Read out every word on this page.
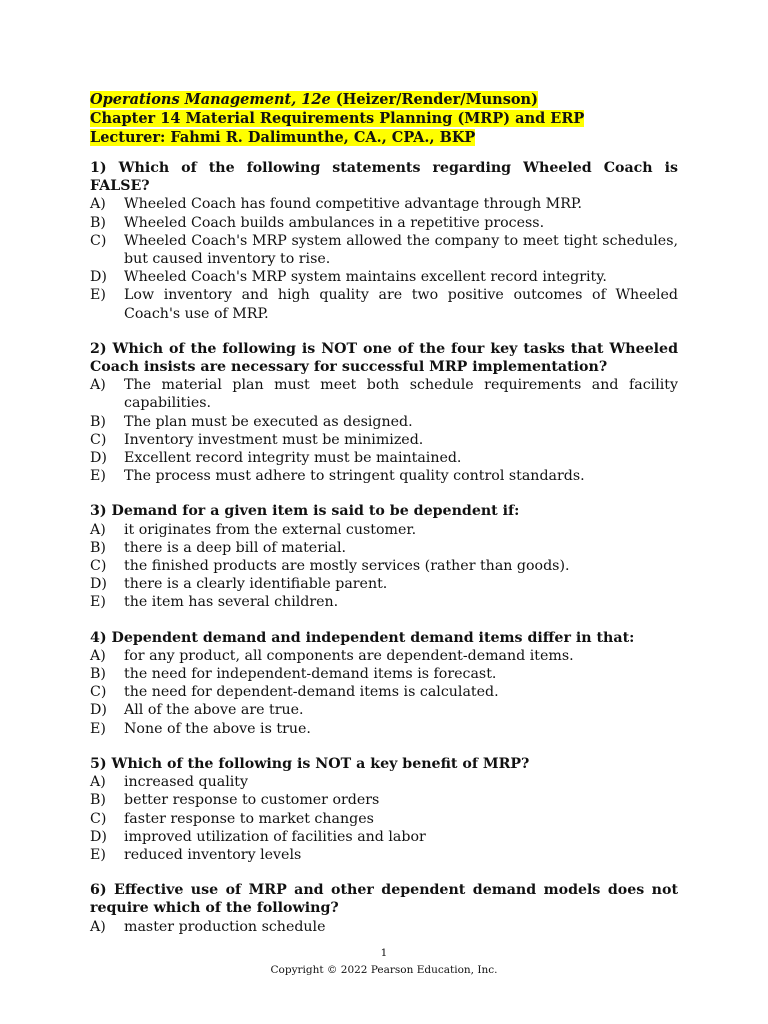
Operations Management, 12e (Heizer/Render/Munson)
Chapter 14 Material Requirements Planning (MRP) and ERP
Lecturer: Fahmi R. Dalimunthe, CA., CPA., BKP
1) Which of the following statements regarding Wheeled Coach is FALSE?
A)	Wheeled Coach has found competitive advantage through MRP.
B)	Wheeled Coach builds ambulances in a repetitive process.
C)	Wheeled Coach's MRP system allowed the company to meet tight schedules, but caused inventory to rise.
D)	Wheeled Coach's MRP system maintains excellent record integrity.
E)	Low inventory and high quality are two positive outcomes of Wheeled Coach's use of MRP.
2) Which of the following is NOT one of the four key tasks that Wheeled Coach insists are necessary for successful MRP implementation?
A)	The material plan must meet both schedule requirements and facility capabilities.
B)	The plan must be executed as designed.
C)	Inventory investment must be minimized.
D)	Excellent record integrity must be maintained.
E)	The process must adhere to stringent quality control standards.
3) Demand for a given item is said to be dependent if:
A)	it originates from the external customer.
B)	there is a deep bill of material.
C)	the finished products are mostly services (rather than goods).
D)	there is a clearly identifiable parent.
E)	the item has several children.
4) Dependent demand and independent demand items differ in that:
A)	for any product, all components are dependent-demand items.
B)	the need for independent-demand items is forecast.
C)	the need for dependent-demand items is calculated.
D)	All of the above are true.
E)	None of the above is true.
5) Which of the following is NOT a key benefit of MRP?
A)	increased quality
B)	better response to customer orders
C)	faster response to market changes
D)	improved utilization of facilities and labor
E)	reduced inventory levels
6) Effective use of MRP and other dependent demand models does not require which of the following?
A)	master production schedule
1
Copyright © 2022 Pearson Education, Inc.
